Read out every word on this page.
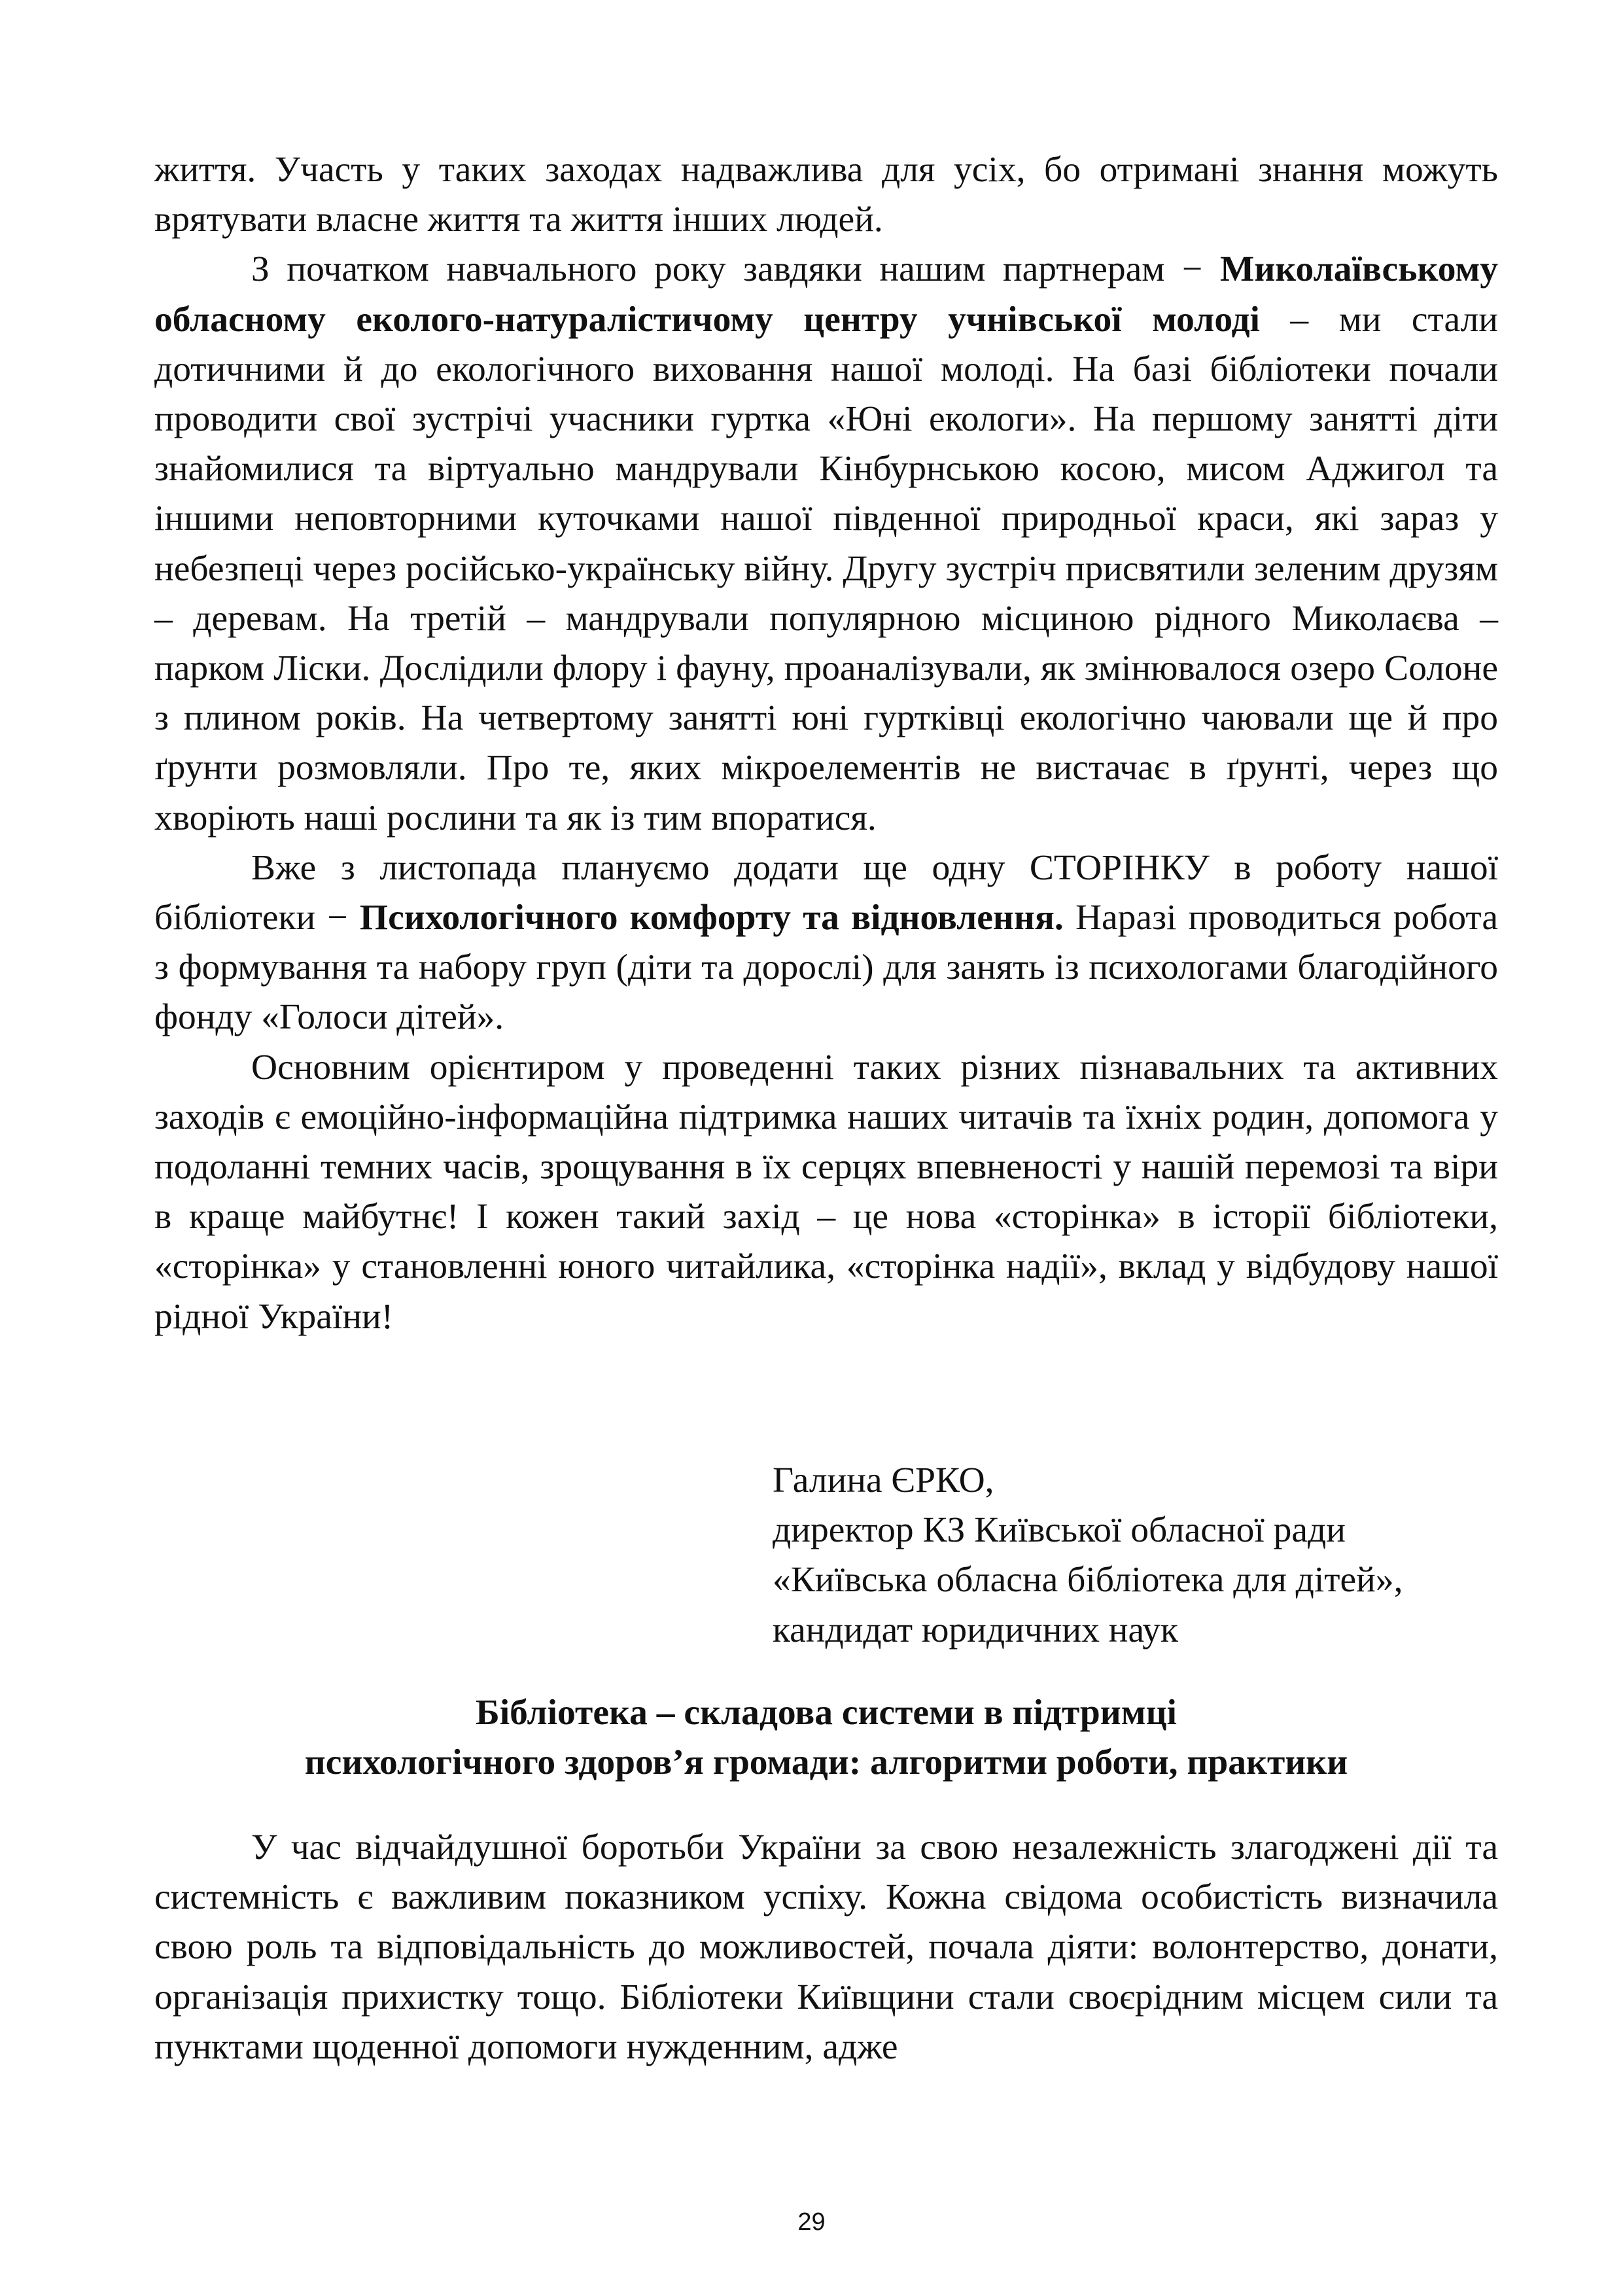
життя. Участь у таких заходах надважлива для усіх, бо отримані знання можуть врятувати власне життя та життя інших людей.

З початком навчального року завдяки нашим партнерам − Миколаївському обласному еколого-натуралістичому центру учнівської молоді – ми стали дотичними й до екологічного виховання нашої молоді. На базі бібліотеки почали проводити свої зустрічі учасники гуртка «Юні екологи». На першому занятті діти знайомилися та віртуально мандрували Кінбурнською косою, мисом Аджигол та іншими неповторними куточками нашої південної природньої краси, які зараз у небезпеці через російсько-українську війну. Другу зустріч присвятили зеленим друзям – деревам. На третій – мандрували популярною місциною рідного Миколаєва – парком Ліски. Дослідили флору і фауну, проаналізували, як змінювалося озеро Солоне з плином років. На четвертому занятті юні гуртківці екологічно чаювали ще й про ґрунти розмовляли. Про те, яких мікроелементів не вистачає в ґрунті, через що хворіють наші рослини та як із тим впоратися.

Вже з листопада плануємо додати ще одну СТОРІНКУ в роботу нашої бібліотеки − Психологічного комфорту та відновлення. Наразі проводиться робота з формування та набору груп (діти та дорослі) для занять із психологами благодійного фонду «Голоси дітей».

Основним орієнтиром у проведенні таких різних пізнавальних та активних заходів є емоційно-інформаційна підтримка наших читачів та їхніх родин, допомога у подоланні темних часів, зрощування в їх серцях впевненості у нашій перемозі та віри в краще майбутнє! І кожен такий захід – це нова «сторінка» в історії бібліотеки, «сторінка» у становленні юного читайлика, «сторінка надії», вклад у відбудову нашої рідної України!

Галина ЄРКО,
директор КЗ Київської обласної ради
«Київська обласна бібліотека для дітей»,
кандидат юридичних наук
Бібліотека – складова системи в підтримці
психологічного здоров’я громади: алгоритми роботи, практики

У час відчайдушної боротьби України за свою незалежність злагоджені дії та системність є важливим показником успіху. Кожна свідома особистість визначила свою роль та відповідальність до можливостей, почала діяти: волонтерство, донати, організація прихистку тощо. Бібліотеки Київщини стали своєрідним місцем сили та пунктами щоденної допомоги нужденним, адже

29
